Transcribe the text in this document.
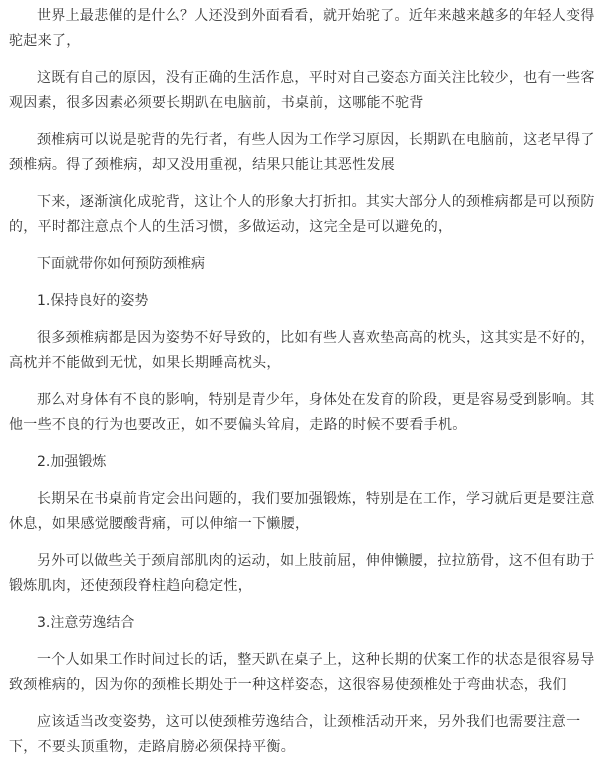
世界上最悲催的是什么？人还没到外面看看，就开始驼了。近年来越来越多的年轻人变得驼起来了，

这既有自己的原因，没有正确的生活作息，平时对自己姿态方面关注比较少，也有一些客观因素，很多因素必须要长期趴在电脑前，书桌前，这哪能不驼背

颈椎病可以说是驼背的先行者，有些人因为工作学习原因，长期趴在电脑前，这老早得了颈椎病。得了颈椎病，却又没用重视，结果只能让其恶性发展

下来，逐渐演化成驼背，这让个人的形象大打折扣。其实大部分人的颈椎病都是可以预防的，平时都注意点个人的生活习惯，多做运动，这完全是可以避免的，

下面就带你如何预防颈椎病

1.保持良好的姿势

很多颈椎病都是因为姿势不好导致的，比如有些人喜欢垫高高的枕头，这其实是不好的，高枕并不能做到无忧，如果长期睡高枕头，

那么对身体有不良的影响，特别是青少年，身体处在发育的阶段，更是容易受到影响。其他一些不良的行为也要改正，如不要偏头耸肩，走路的时候不要看手机。

2.加强锻炼

长期呆在书桌前肯定会出问题的，我们要加强锻炼，特别是在工作，学习就后更是要注意休息，如果感觉腰酸背痛，可以伸缩一下懒腰，

另外可以做些关于颈肩部肌肉的运动，如上肢前屈，伸伸懒腰，拉拉筋骨，这不但有助于锻炼肌肉，还使颈段脊柱趋向稳定性，

3.注意劳逸结合

一个人如果工作时间过长的话，整天趴在桌子上，这种长期的伏案工作的状态是很容易导致颈椎病的，因为你的颈椎长期处于一种这样姿态，这很容易使颈椎处于弯曲状态，我们

应该适当改变姿势，这可以使颈椎劳逸结合，让颈椎活动开来，另外我们也需要注意一下，不要头顶重物，走路肩膀必须保持平衡。
